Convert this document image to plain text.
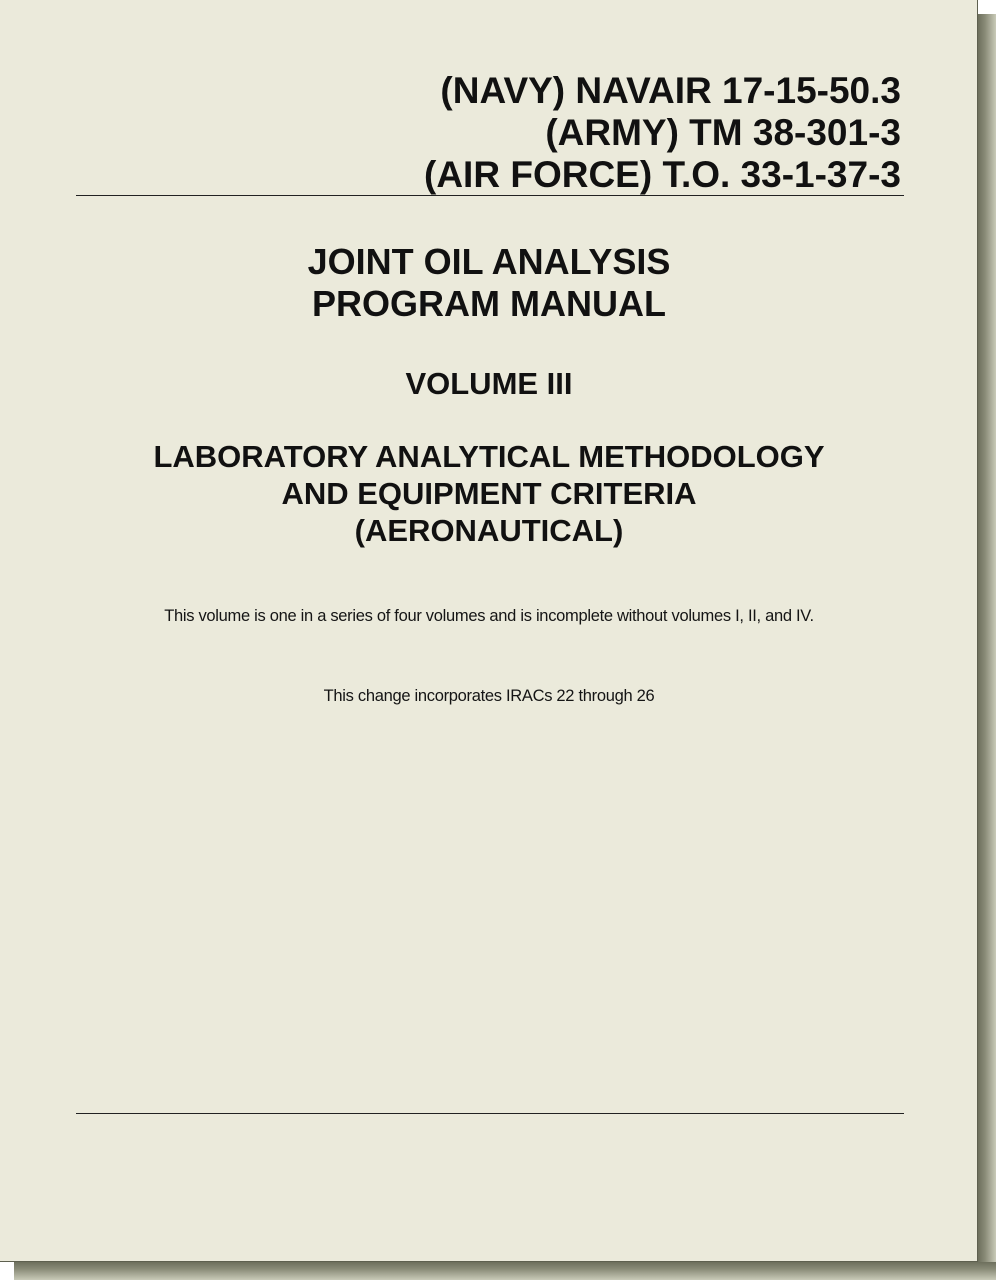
(NAVY) NAVAIR 17-15-50.3
(ARMY) TM 38-301-3
(AIR FORCE) T.O. 33-1-37-3
JOINT OIL ANALYSIS
PROGRAM MANUAL
VOLUME III
LABORATORY ANALYTICAL METHODOLOGY
AND EQUIPMENT CRITERIA
(AERONAUTICAL)
This volume is one in a series of four volumes and is incomplete without volumes I, II, and IV.
This change incorporates IRACs 22 through 26
